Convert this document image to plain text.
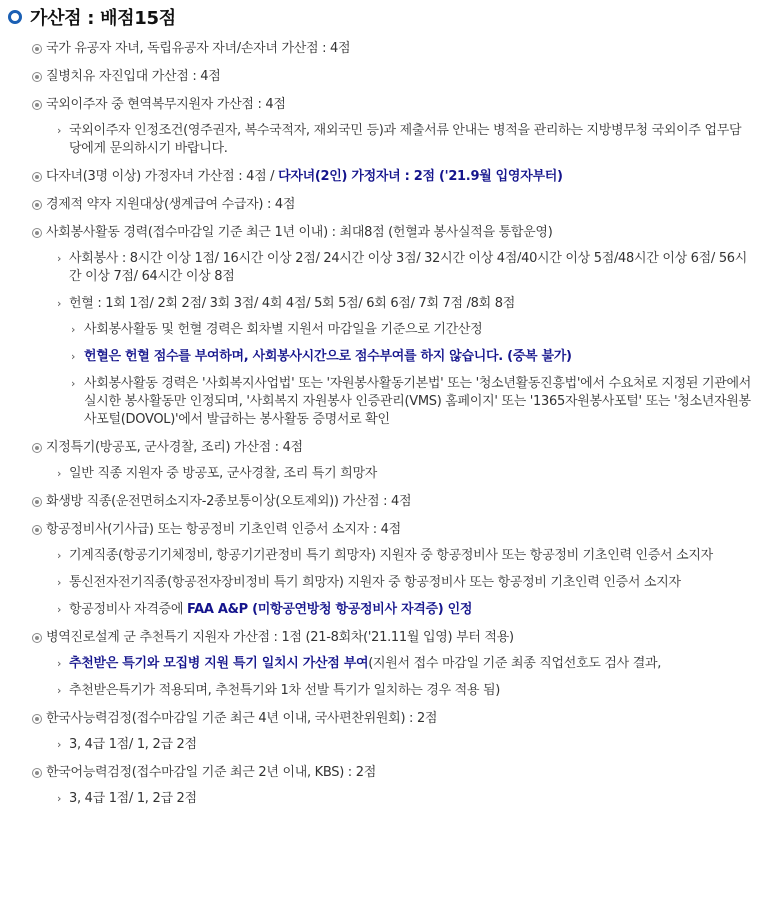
가산점 : 배점15점
국가 유공자 자녀, 독립유공자 자녀/손자녀 가산점 : 4점
질병치유 자진입대 가산점 : 4점
국외이주자 중 현역복무지원자 가산점 : 4점
› 국외이주자 인정조건(영주권자, 복수국적자, 재외국민 등)과 제출서류 안내는 병적을 관리하는 지방병무청 국외이주 업무담당에게 문의하시기 바랍니다.
다자녀(3명 이상) 가정자녀 가산점 : 4점 / 다자녀(2인) 가정자녀 : 2점 ('21.9월 입영자부터)
경제적 약자 지원대상(생계급여 수급자) : 4점
사회봉사활동 경력(접수마감일 기준 최근 1년 이내) : 최대8점 (헌혈과 봉사실적을 통합운영)
› 사회봉사 : 8시간 이상 1점/ 16시간 이상 2점/ 24시간 이상 3점/ 32시간 이상 4점/40시간 이상 5점/48시간 이상 6점/ 56시간 이상 7점/ 64시간 이상 8점
› 헌혈 : 1회 1점/ 2회 2점/ 3회 3점/ 4회 4점/ 5회 5점/ 6회 6점/ 7회 7점 /8회 8점
› 사회봉사활동 및 헌혈 경력은 회차별 지원서 마감일을 기준으로 기간산정
› 헌혈은 헌혈 점수를 부여하며, 사회봉사시간으로 점수부여를 하지 않습니다. (중복 불가)
› 사회봉사활동 경력은 '사회복지사업법' 또는 '자원봉사활동기본법' 또는 '청소년활동진흥법'에서 수요처로 지정된 기관에서 실시한 봉사활동만 인정되며, '사회복지 자원봉사 인증관리(VMS) 홈페이지' 또는 '1365자원봉사포털' 또는 '청소년자원봉사포털(DOVOL)'에서 발급하는 봉사활동 증명서로 확인
지정특기(방공포, 군사경찰, 조리) 가산점 : 4점
› 일반 직종 지원자 중 방공포, 군사경찰, 조리 특기 희망자
화생방 직종(운전면허소지자-2종보통이상(오토제외)) 가산점 : 4점
항공정비사(기사급) 또는 항공정비 기초인력 인증서 소지자 : 4점
› 기계직종(항공기기체정비, 항공기기관정비 특기 희망자) 지원자 중 항공정비사 또는 항공정비 기초인력 인증서 소지자
› 통신전자전기직종(항공전자장비정비 특기 희망자) 지원자 중 항공정비사 또는 항공정비 기초인력 인증서 소지자
› 항공정비사 자격증에 FAA A&P (미항공연방청 항공정비사 자격증) 인정
병역진로설계 군 추천특기 지원자 가산점 : 1점 (21-8회차('21.11월 입영) 부터 적용)
› 추천받은 특기와 모집병 지원 특기 일치시 가산점 부여(지원서 접수 마감일 기준 최종 직업선호도 검사 결과,
› 추천받은특기가 적용되며, 추천특기와 1차 선발 특기가 일치하는 경우 적용 됨)
한국사능력검정(접수마감일 기준 최근 4년 이내, 국사편찬위원회) : 2점
› 3, 4급 1점/ 1, 2급 2점
한국어능력검정(접수마감일 기준 최근 2년 이내, KBS) : 2점
› 3, 4급 1점/ 1, 2급 2점
